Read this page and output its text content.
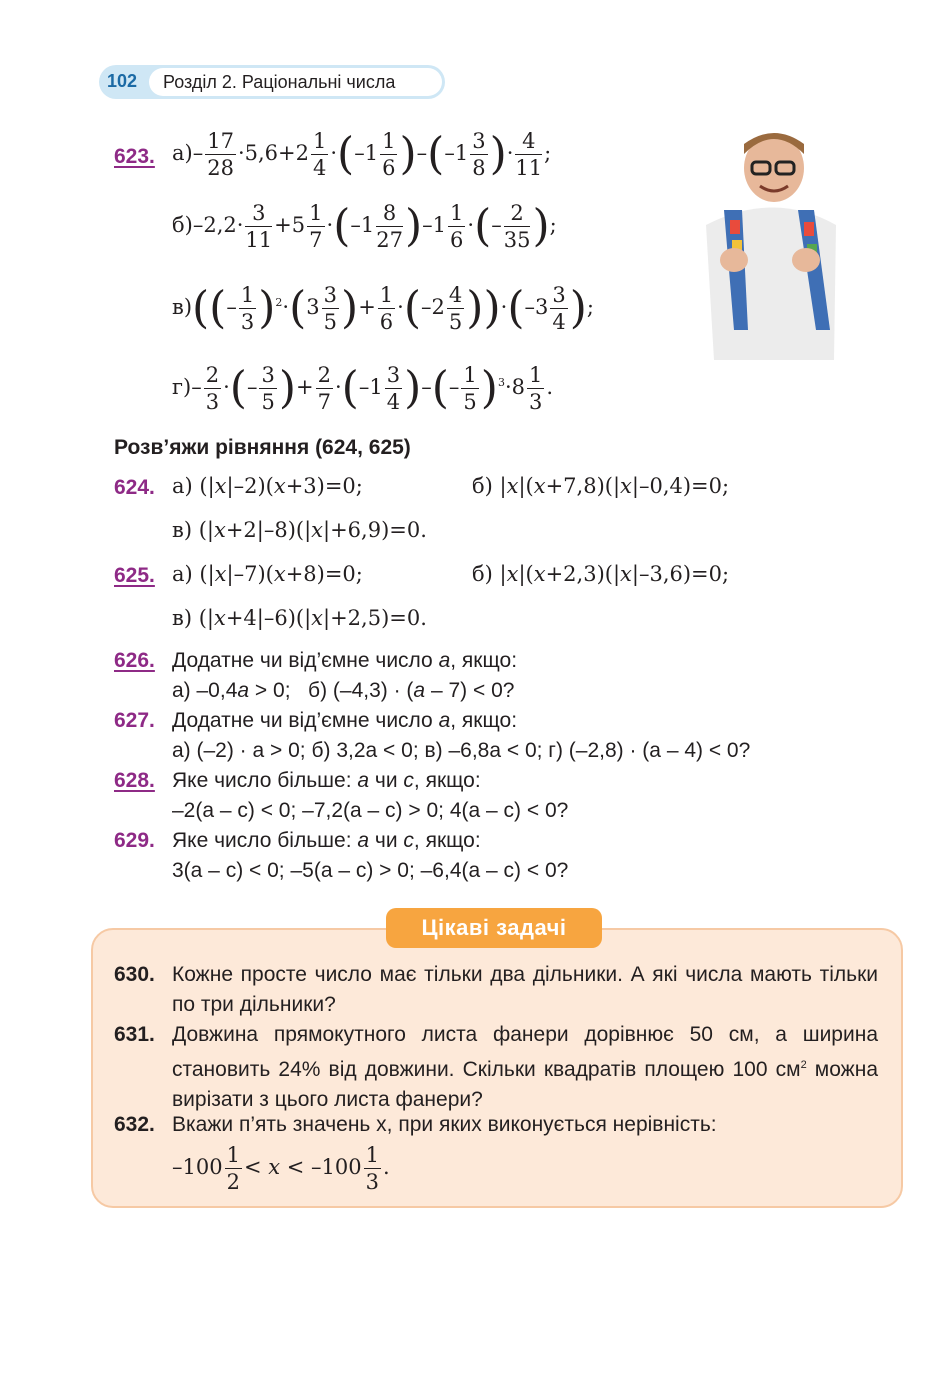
102	Розділ 2. Раціональні числа
623. $а)- \frac{17}{28} \cdot 5,6+2 \frac{1}{4} \cdot(-1 \frac{1}{6} )-(-1 \frac{3}{8}$ )· $\frac{4}{11}$ ;
$б)-2,2\cdot \frac{3}{11} +5 \frac{1}{7} \cdot(-1 \frac{8}{27} )-1 \frac{1}{6}$ ·(– $\frac{2}{35}$ );
$в)((- \frac{1}{3} )^2\cdot(3 \frac{3}{5}$ )+ $\frac{1}{6} \cdot(-2 \frac{4}{5} ))\cdot(-3 \frac{3}{4}$ );
$г)- \frac{2}{3}$ ·(– $\frac{3}{5}$ )+ $\frac{2}{7} \cdot(-1 \frac{3}{4}$ )–(– $\frac{1}{5} )^3\cdot 8 \frac{1}{3}$ .
Розв’яжи рівняння (624, 625)
624. а) (|x|–2)(x+3)=0;	б) |x|(x+7,8)(|x|–0,4)=0;
в) (|x+2|–8)(|x|+6,9)=0.
625. а) (|x|–7)(x+8)=0;	б) |x|(x+2,3)(|x|–3,6)=0;
в) (|x+4|–6)(|x|+2,5)=0.
626. Додатне чи від’ємне число a, якщо:
а) –0,4a > 0; б) (–4,3) · (a – 7) < 0?
627. Додатне чи від’ємне число a, якщо:
а) (–2) · a > 0; б) 3,2a < 0; в) –6,8a < 0; г) (–2,8) · (a – 4) < 0?
628. Яке число більше: a чи c, якщо:
–2(a – c) < 0; –7,2(a – c) > 0; 4(a – c) < 0?
629. Яке число більше: a чи c, якщо:
3(a – c) < 0; –5(a – c) > 0; –6,4(a – c) < 0?
Цікаві задачі
630. Кожне просте число має тільки два дільники. А які числа мають тільки по три дільники?
631. Довжина прямокутного листа фанери дорівнює 50 см, а ширина становить 24% від довжини. Скільки квадратів площею 100 $см^2$ можна вирізати з цього листа фанери?
632. Вкажи п’ять значень x, при яких виконується нерівність:
$-100 \frac{1}{2} < x < -100 \frac{1}{3}$ .
